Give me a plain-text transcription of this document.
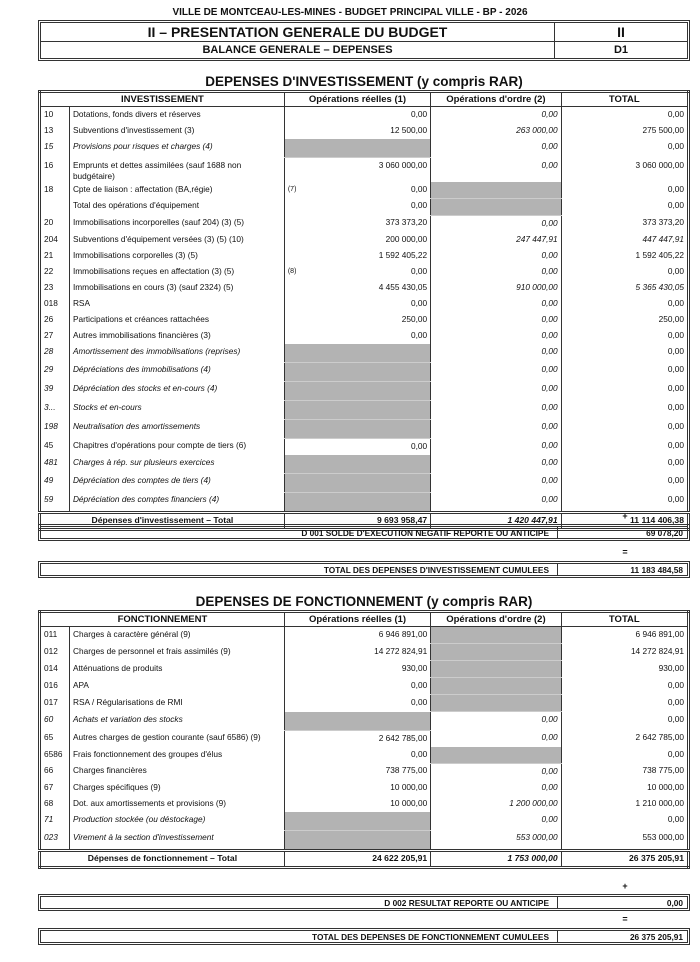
VILLE DE MONTCEAU-LES-MINES - BUDGET PRINCIPAL VILLE - BP - 2026
II – PRESENTATION GENERALE DU BUDGET	II
BALANCE GENERALE – DEPENSES	D1
DEPENSES D'INVESTISSEMENT (y compris RAR)
INVESTISSEMENT		Opérations réelles (1)	Opérations d'ordre (2)	TOTAL
10	Dotations, fonds divers et réserves	0,00	0,00	0,00
13	Subventions d'investissement (3)	12 500,00	263 000,00	275 500,00
15	Provisions pour risques et charges (4)		0,00	0,00
16	Emprunts et dettes assimilées (sauf 1688 non budgétaire)	3 060 000,00	0,00	3 060 000,00
18	Cpte de liaison : affectation (BA,régie)	(7) 0,00		0,00
	Total des opérations d'équipement	0,00		0,00
20	Immobilisations incorporelles (sauf 204) (3) (5)	373 373,20	0,00	373 373,20
204	Subventions d'équipement versées (3) (5) (10)	200 000,00	247 447,91	447 447,91
21	Immobilisations corporelles (3) (5)	1 592 405,22	0,00	1 592 405,22
22	Immobilisations reçues en affectation (3) (5)	(8) 0,00	0,00	0,00
23	Immobilisations en cours (3) (sauf 2324) (5)	4 455 430,05	910 000,00	5 365 430,05
018	RSA	0,00	0,00	0,00
26	Participations et créances rattachées	250,00	0,00	250,00
27	Autres immobilisations financières (3)	0,00	0,00	0,00
28	Amortissement des immobilisations (reprises)		0,00	0,00
29	Dépréciations des immobilisations (4)		0,00	0,00
39	Dépréciation des stocks et en-cours (4)		0,00	0,00
3...	Stocks et en-cours		0,00	0,00
198	Neutralisation des amortissements		0,00	0,00
45	Chapitres d'opérations pour compte de tiers (6)	0,00	0,00	0,00
481	Charges à rép. sur plusieurs exercices		0,00	0,00
49	Dépréciation des comptes de tiers (4)		0,00	0,00
59	Dépréciation des comptes financiers (4)		0,00	0,00
Dépenses d'investissement – Total		9 693 958,47	1 420 447,91	11 114 406,38
+
D 001 SOLDE D'EXECUTION NEGATIF REPORTE OU ANTICIPE	69 078,20
=
TOTAL DES DEPENSES D'INVESTISSEMENT CUMULEES	11 183 484,58
DEPENSES DE FONCTIONNEMENT (y compris RAR)
FONCTIONNEMENT		Opérations réelles (1)	Opérations d'ordre (2)	TOTAL
011	Charges à caractère général (9)	6 946 891,00		6 946 891,00
012	Charges de personnel et frais assimilés (9)	14 272 824,91		14 272 824,91
014	Atténuations de produits	930,00		930,00
016	APA	0,00		0,00
017	RSA / Régularisations de RMI	0,00		0,00
60	Achats et variation des stocks		0,00	0,00
65	Autres charges de gestion courante (sauf 6586) (9)	2 642 785,00	0,00	2 642 785,00
6586	Frais fonctionnement des groupes d'élus	0,00		0,00
66	Charges financières	738 775,00	0,00	738 775,00
67	Charges spécifiques (9)	10 000,00	0,00	10 000,00
68	Dot. aux amortissements et provisions (9)	10 000,00	1 200 000,00	1 210 000,00
71	Production stockée (ou déstockage)		0,00	0,00
023	Virement à la section d'investissement		553 000,00	553 000,00
Dépenses de fonctionnement – Total		24 622 205,91	1 753 000,00	26 375 205,91
+
D 002 RESULTAT REPORTE OU ANTICIPE	0,00
=
TOTAL DES DEPENSES DE FONCTIONNEMENT CUMULEES	26 375 205,91
